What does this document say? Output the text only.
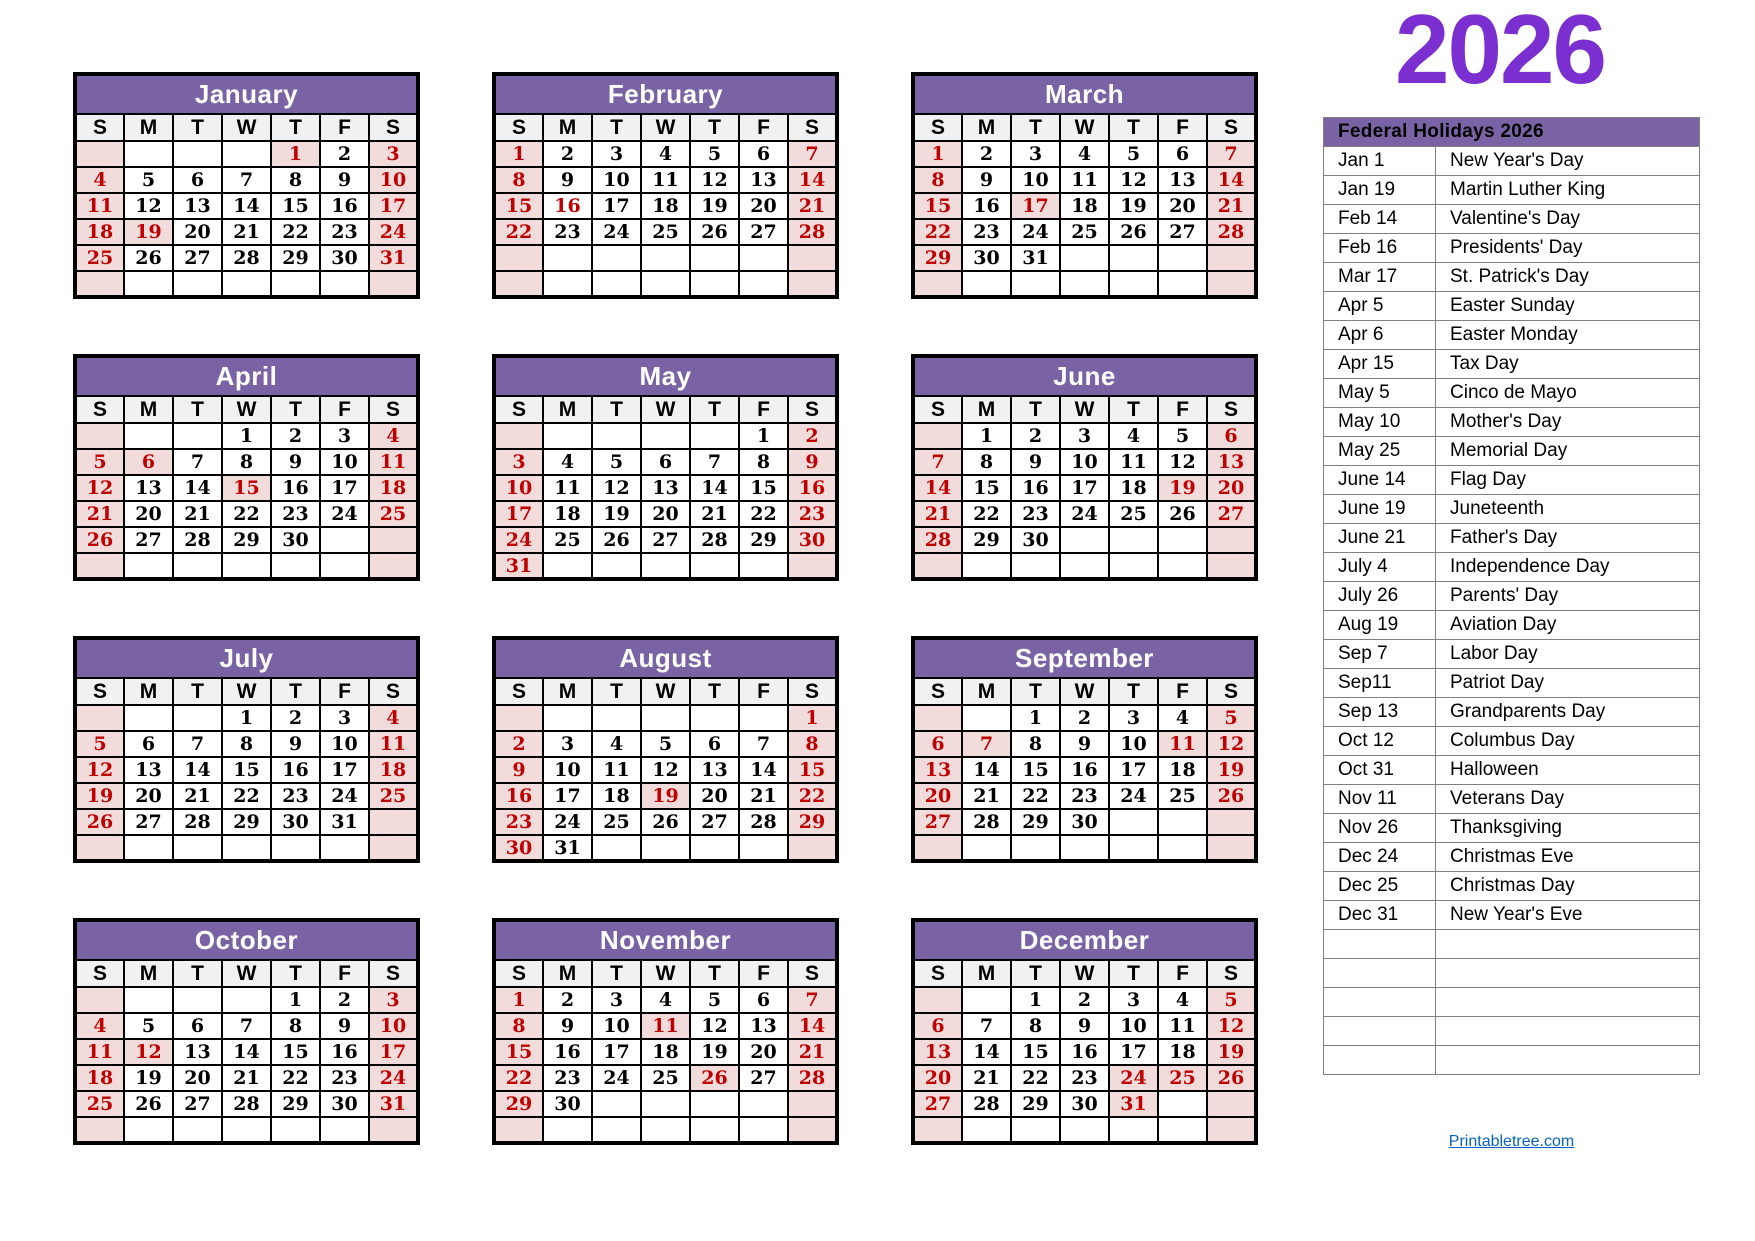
2026
January						
S	M	T	W	T	F	S
				1	2	3
4	5	6	7	8	9	10
11	12	13	14	15	16	17
18	19	20	21	22	23	24
25	26	27	28	29	30	31

February						
S	M	T	W	T	F	S
1	2	3	4	5	6	7
8	9	10	11	12	13	14
15	16	17	18	19	20	21
22	23	24	25	26	27	28

March						
S	M	T	W	T	F	S
1	2	3	4	5	6	7
8	9	10	11	12	13	14
15	16	17	18	19	20	21
22	23	24	25	26	27	28
29	30	31				

April						
S	M	T	W	T	F	S
			1	2	3	4
5	6	7	8	9	10	11
12	13	14	15	16	17	18
21	20	21	22	23	24	25
26	27	28	29	30		

May						
S	M	T	W	T	F	S
					1	2
3	4	5	6	7	8	9
10	11	12	13	14	15	16
17	18	19	20	21	22	23
24	25	26	27	28	29	30
31						
June						
S	M	T	W	T	F	S
	1	2	3	4	5	6
7	8	9	10	11	12	13
14	15	16	17	18	19	20
21	22	23	24	25	26	27
28	29	30				

July						
S	M	T	W	T	F	S
			1	2	3	4
5	6	7	8	9	10	11
12	13	14	15	16	17	18
19	20	21	22	23	24	25
26	27	28	29	30	31	

August						
S	M	T	W	T	F	S
						1
2	3	4	5	6	7	8
9	10	11	12	13	14	15
16	17	18	19	20	21	22
23	24	25	26	27	28	29
30	31					
September						
S	M	T	W	T	F	S
		1	2	3	4	5
6	7	8	9	10	11	12
13	14	15	16	17	18	19
20	21	22	23	24	25	26
27	28	29	30			

October						
S	M	T	W	T	F	S
				1	2	3
4	5	6	7	8	9	10
11	12	13	14	15	16	17
18	19	20	21	22	23	24
25	26	27	28	29	30	31

November						
S	M	T	W	T	F	S
1	2	3	4	5	6	7
8	9	10	11	12	13	14
15	16	17	18	19	20	21
22	23	24	25	26	27	28
29	30					

December						
S	M	T	W	T	F	S
		1	2	3	4	5
6	7	8	9	10	11	12
13	14	15	16	17	18	19
20	21	22	23	24	25	26
27	28	29	30	31		

Federal Holidays 2026	
Jan 1	New Year's Day
Jan 19	Martin Luther King
Feb 14	Valentine's Day
Feb 16	Presidents' Day
Mar 17	St. Patrick's Day
Apr 5	Easter Sunday
Apr 6	Easter Monday
Apr 15	Tax Day
May 5	Cinco de Mayo
May 10	Mother's Day
May 25	Memorial Day
June 14	Flag Day
June 19	Juneteenth
June 21	Father's Day
July 4	Independence Day
July 26	Parents' Day
Aug 19	Aviation Day
Sep 7	Labor Day
Sep11	Patriot Day
Sep 13	Grandparents Day
Oct 12	Columbus Day
Oct 31	Halloween
Nov 11	Veterans Day
Nov 26	Thanksgiving
Dec 24	Christmas Eve
Dec 25	Christmas Day
Dec 31	New Year's Eve

Printabletree.com
